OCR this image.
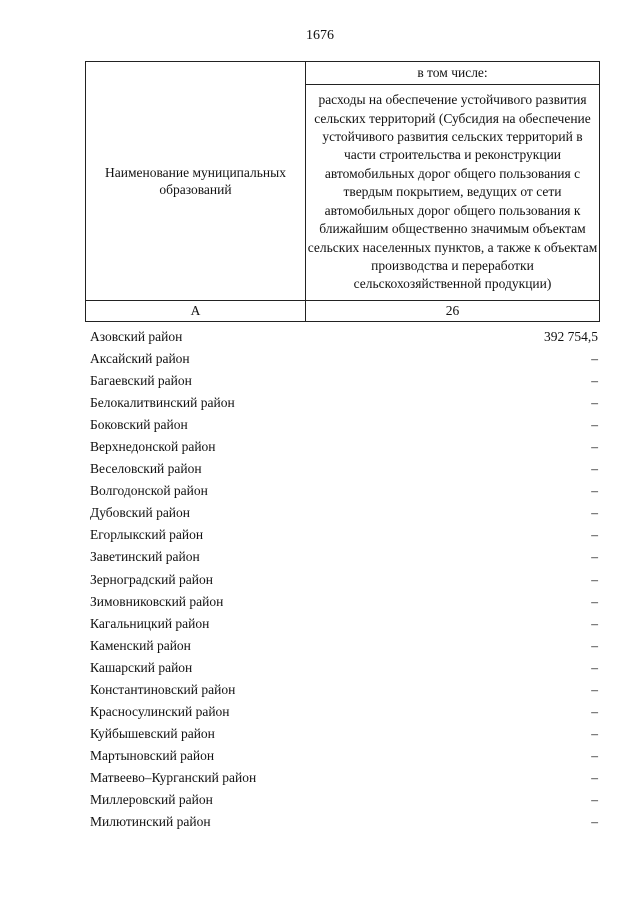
1676
Наименование муниципальных образований	в том числе:
	расходы на обеспечение устойчивого развития сельских территорий (Субсидия на обеспечение устойчивого развития сельских территорий в части строительства и реконструкции автомобильных дорог общего пользования с твердым покрытием, ведущих от сети автомобильных дорог общего пользования к ближайшим общественно значимым объектам сельских населенных пунктов, а также к объектам производства и переработки сельскохозяйственной продукции)
А	26
Азовский район	392 754,5
Аксайский район	–
Багаевский район	–
Белокалитвинский район	–
Боковский район	–
Верхнедонской район	–
Веселовский район	–
Волгодонской район	–
Дубовский район	–
Егорлыкский район	–
Заветинский район	–
Зерноградский район	–
Зимовниковский район	–
Кагальницкий район	–
Каменский район	–
Кашарский район	–
Константиновский район	–
Красносулинский район	–
Куйбышевский район	–
Мартыновский район	–
Матвеево–Курганский район	–
Миллеровский район	–
Милютинский район	–
